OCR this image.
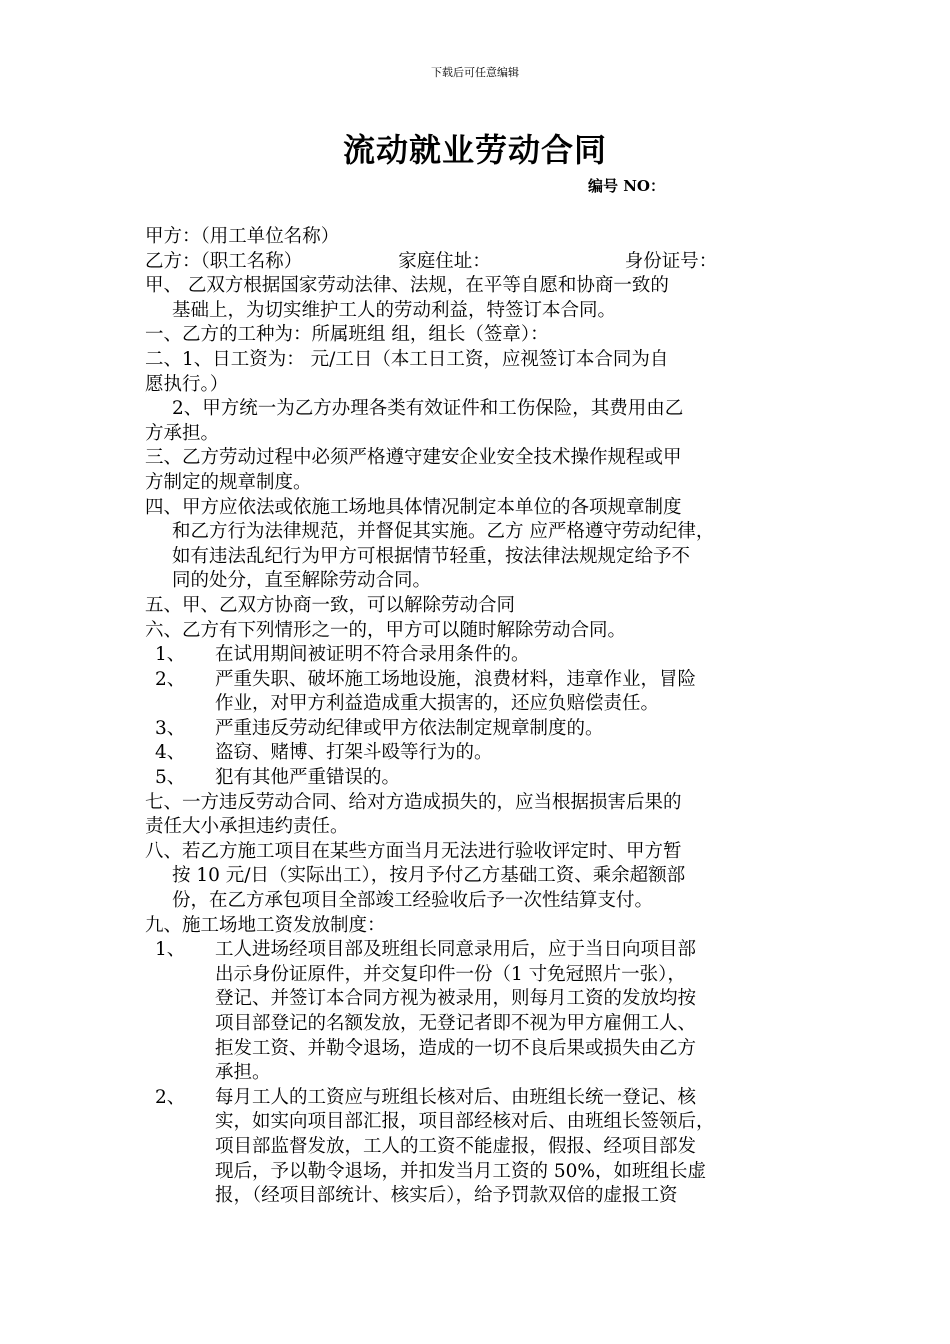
下载后可任意编辑
流动就业劳动合同
编号 NO：
甲方：（用工单位名称）
乙方：（职工名称）	家庭住址：	身份证号：
甲、 乙双方根据国家劳动法律、法规，在平等自愿和协商一致的
基础上，为切实维护工人的劳动利益，特签订本合同。
一、乙方的工种为：所属班组 组，组长（签章）：
二、1、日工资为： 元/工日（本工日工资，应视签订本合同为自
愿执行。）
2、甲方统一为乙方办理各类有效证件和工伤保险，其费用由乙
方承担。
三、乙方劳动过程中必须严格遵守建安企业安全技术操作规程或甲
方制定的规章制度。
四、甲方应依法或依施工场地具体情况制定本单位的各项规章制度
和乙方行为法律规范，并督促其实施。乙方 应严格遵守劳动纪律，
如有违法乱纪行为甲方可根据情节轻重，按法律法规规定给予不
同的处分，直至解除劳动合同。
五、甲、乙双方协商一致，可以解除劳动合同
六、乙方有下列情形之一的，甲方可以随时解除劳动合同。
1、 在试用期间被证明不符合录用条件的。
2、 严重失职、破坏施工场地设施，浪费材料，违章作业，冒险
作业，对甲方利益造成重大损害的，还应负赔偿责任。
3、 严重违反劳动纪律或甲方依法制定规章制度的。
4、 盗窃、赌博、打架斗殴等行为的。
5、 犯有其他严重错误的。
七、一方违反劳动合同、给对方造成损失的，应当根据损害后果的
责任大小承担违约责任。
八、若乙方施工项目在某些方面当月无法进行验收评定时、甲方暂
按 10 元/日（实际出工），按月予付乙方基础工资、乘余超额部
份，在乙方承包项目全部竣工经验收后予一次性结算支付。
九、施工场地工资发放制度：
1、 工人进场经项目部及班组长同意录用后，应于当日向项目部
出示身份证原件，并交复印件一份（1 寸免冠照片一张），
登记、并签订本合同方视为被录用，则每月工资的发放均按
项目部登记的名额发放，无登记者即不视为甲方雇佣工人、
拒发工资、并勒令退场，造成的一切不良后果或损失由乙方
承担。
2、 每月工人的工资应与班组长核对后、由班组长统一登记、核
实，如实向项目部汇报，项目部经核对后、由班组长签领后，
项目部监督发放，工人的工资不能虚报，假报、经项目部发
现后，予以勒令退场，并扣发当月工资的 50%，如班组长虚
报，（经项目部统计、核实后），给予罚款双倍的虚报工资
